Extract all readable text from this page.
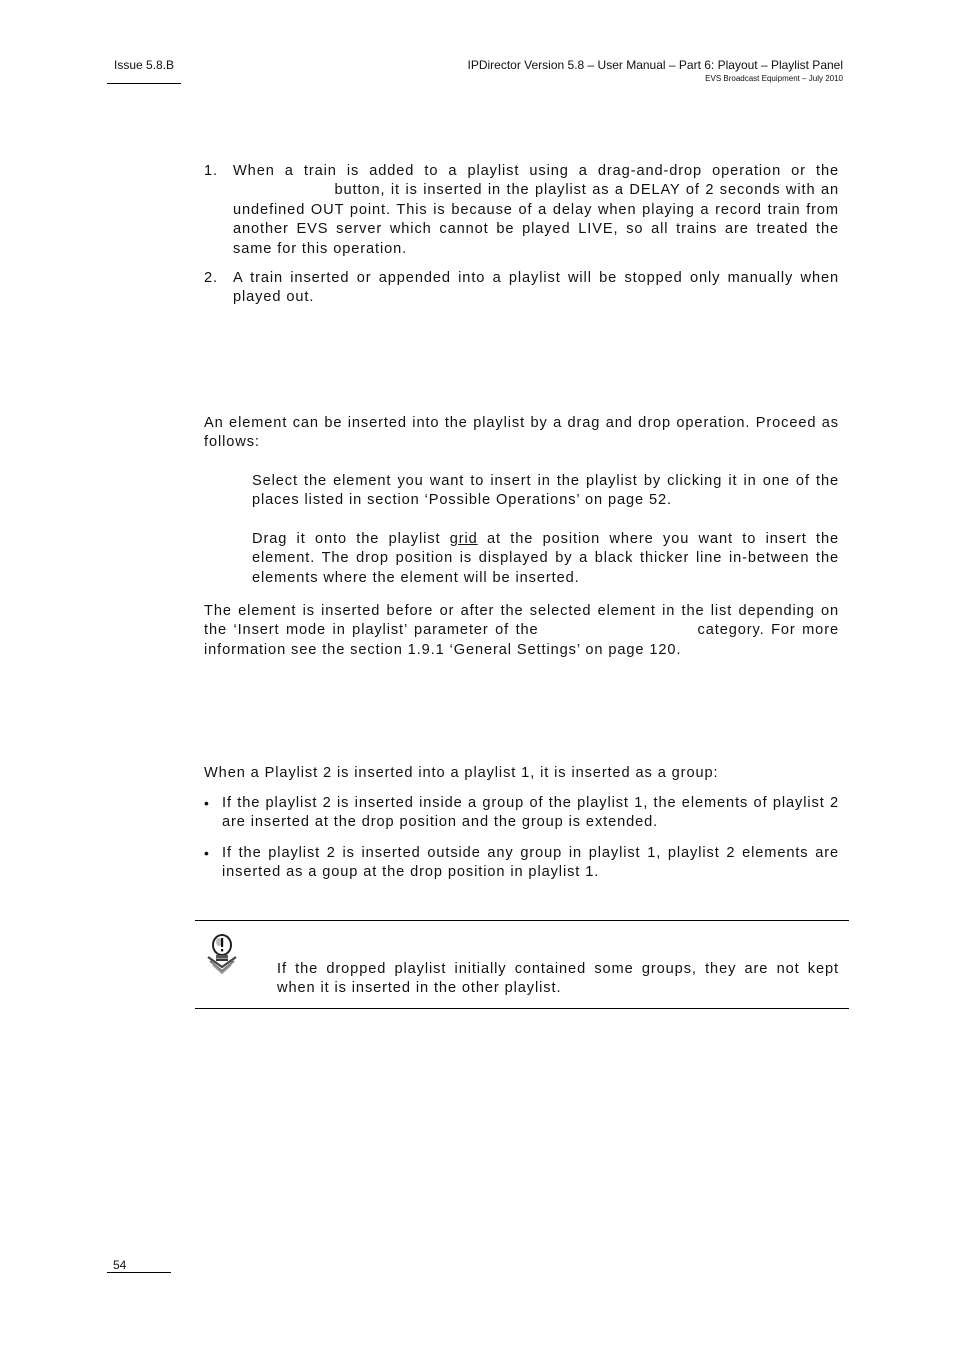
Issue 5.8.B	IPDirector Version 5.8 – User Manual – Part 6: Playout – Playlist Panel
EVS Broadcast Equipment – July 2010
1. When a train is added to a playlist using a drag-and-drop operation or the  button, it is inserted in the playlist as a DELAY of 2 seconds with an undefined OUT point. This is because of a delay when playing a record train from another EVS server which cannot be played LIVE, so all trains are treated the same for this operation.
2. A train inserted or appended into a playlist will be stopped only manually when played out.
An element can be inserted into the playlist by a drag and drop operation. Proceed as follows:
Select the element you want to insert in the playlist by clicking it in one of the places listed in section ‘Possible Operations’ on page 52.
Drag it onto the playlist grid at the position where you want to insert the element. The drop position is displayed by a black thicker line in-between the elements where the element will be inserted.
The element is inserted before or after the selected element in the list depending on the ‘Insert mode in playlist’ parameter of the	category. For more information see the section 1.9.1 ‘General Settings’ on page 120.
When a Playlist 2 is inserted into a playlist 1, it is inserted as a group:
• If the playlist 2 is inserted inside a group of the playlist 1, the elements of playlist 2 are inserted at the drop position and the group is extended.
• If the playlist 2 is inserted outside any group in playlist 1, playlist 2 elements are inserted as a goup at the drop position in playlist 1.
If the dropped playlist initially contained some groups, they are not kept when it is inserted in the other playlist.
54
